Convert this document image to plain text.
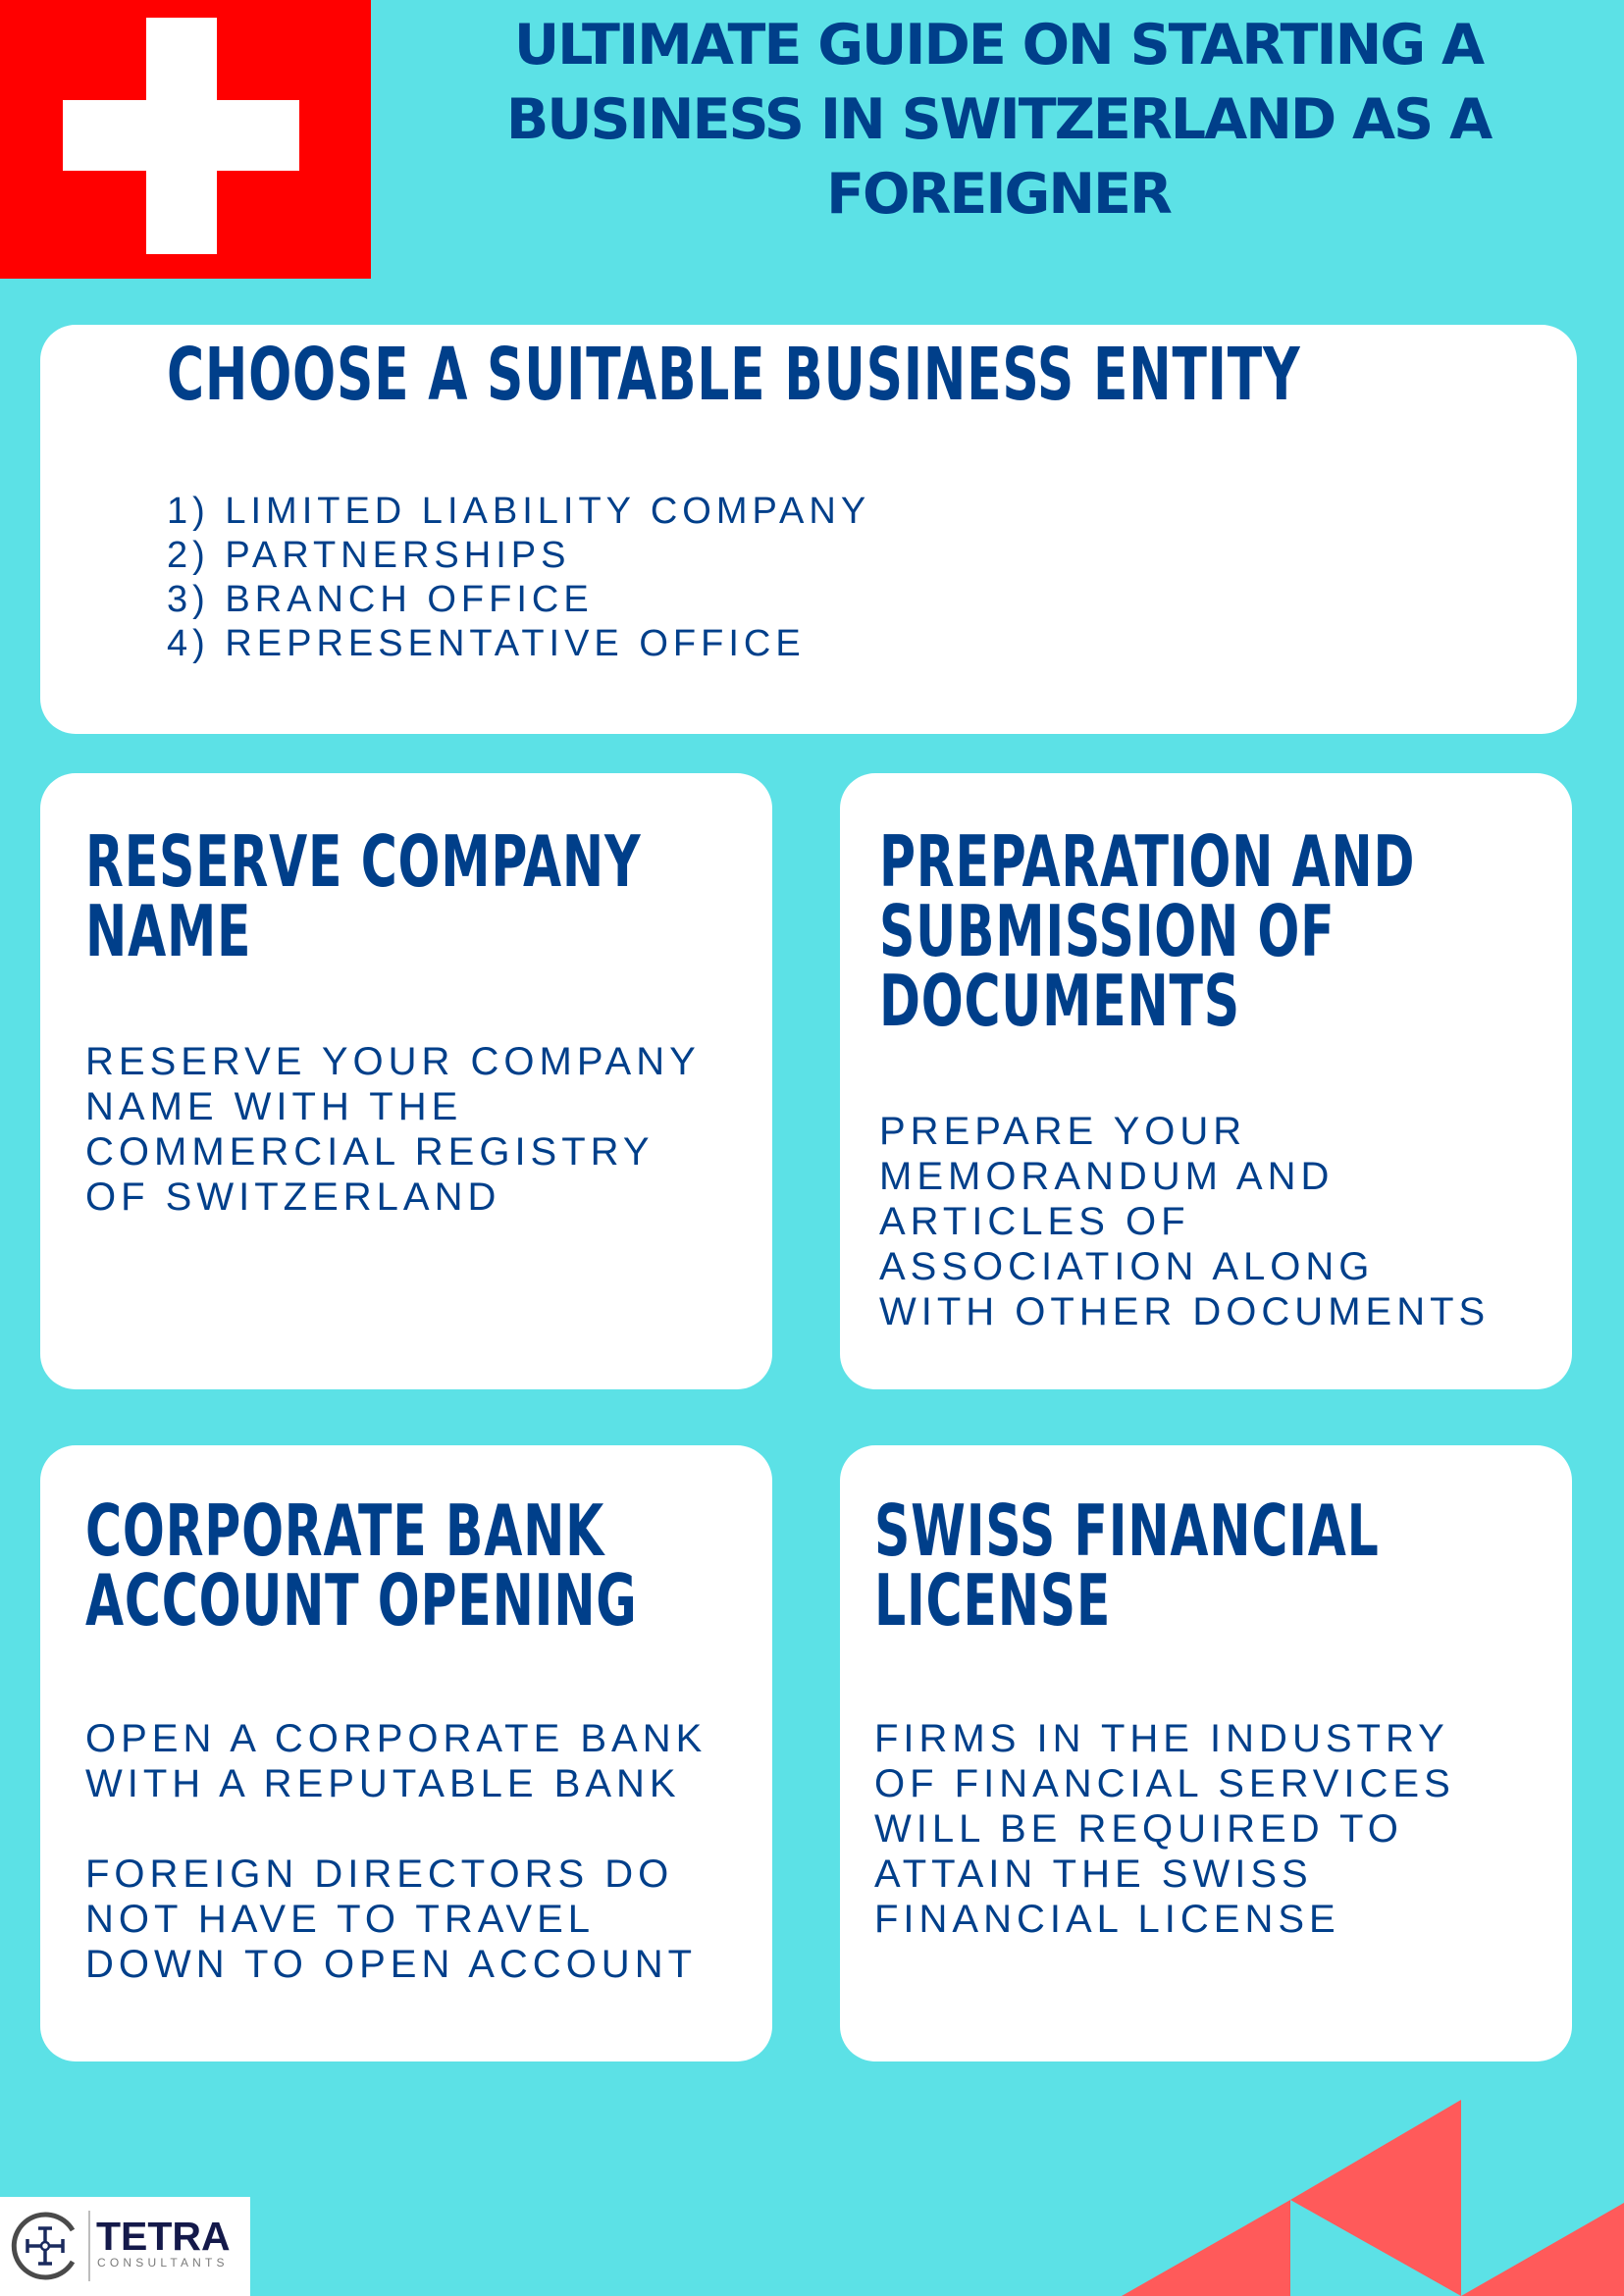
ULTIMATE GUIDE ON STARTING A
BUSINESS IN SWITZERLAND AS A
FOREIGNER
CHOOSE A SUITABLE BUSINESS ENTITY
1) LIMITED LIABILITY COMPANY
2) PARTNERSHIPS
3) BRANCH OFFICE
4) REPRESENTATIVE OFFICE
RESERVE COMPANY
NAME
RESERVE YOUR COMPANY
NAME WITH THE
COMMERCIAL REGISTRY
OF SWITZERLAND
PREPARATION AND
SUBMISSION OF
DOCUMENTS
PREPARE YOUR
MEMORANDUM AND
ARTICLES OF
ASSOCIATION ALONG
WITH OTHER DOCUMENTS
CORPORATE BANK
ACCOUNT OPENING
OPEN A CORPORATE BANK
WITH A REPUTABLE BANK
FOREIGN DIRECTORS DO
NOT HAVE TO TRAVEL
DOWN TO OPEN ACCOUNT
SWISS FINANCIAL
LICENSE
FIRMS IN THE INDUSTRY
OF FINANCIAL SERVICES
WILL BE REQUIRED TO
ATTAIN THE SWISS
FINANCIAL LICENSE
TETRA
CONSULTANTS
